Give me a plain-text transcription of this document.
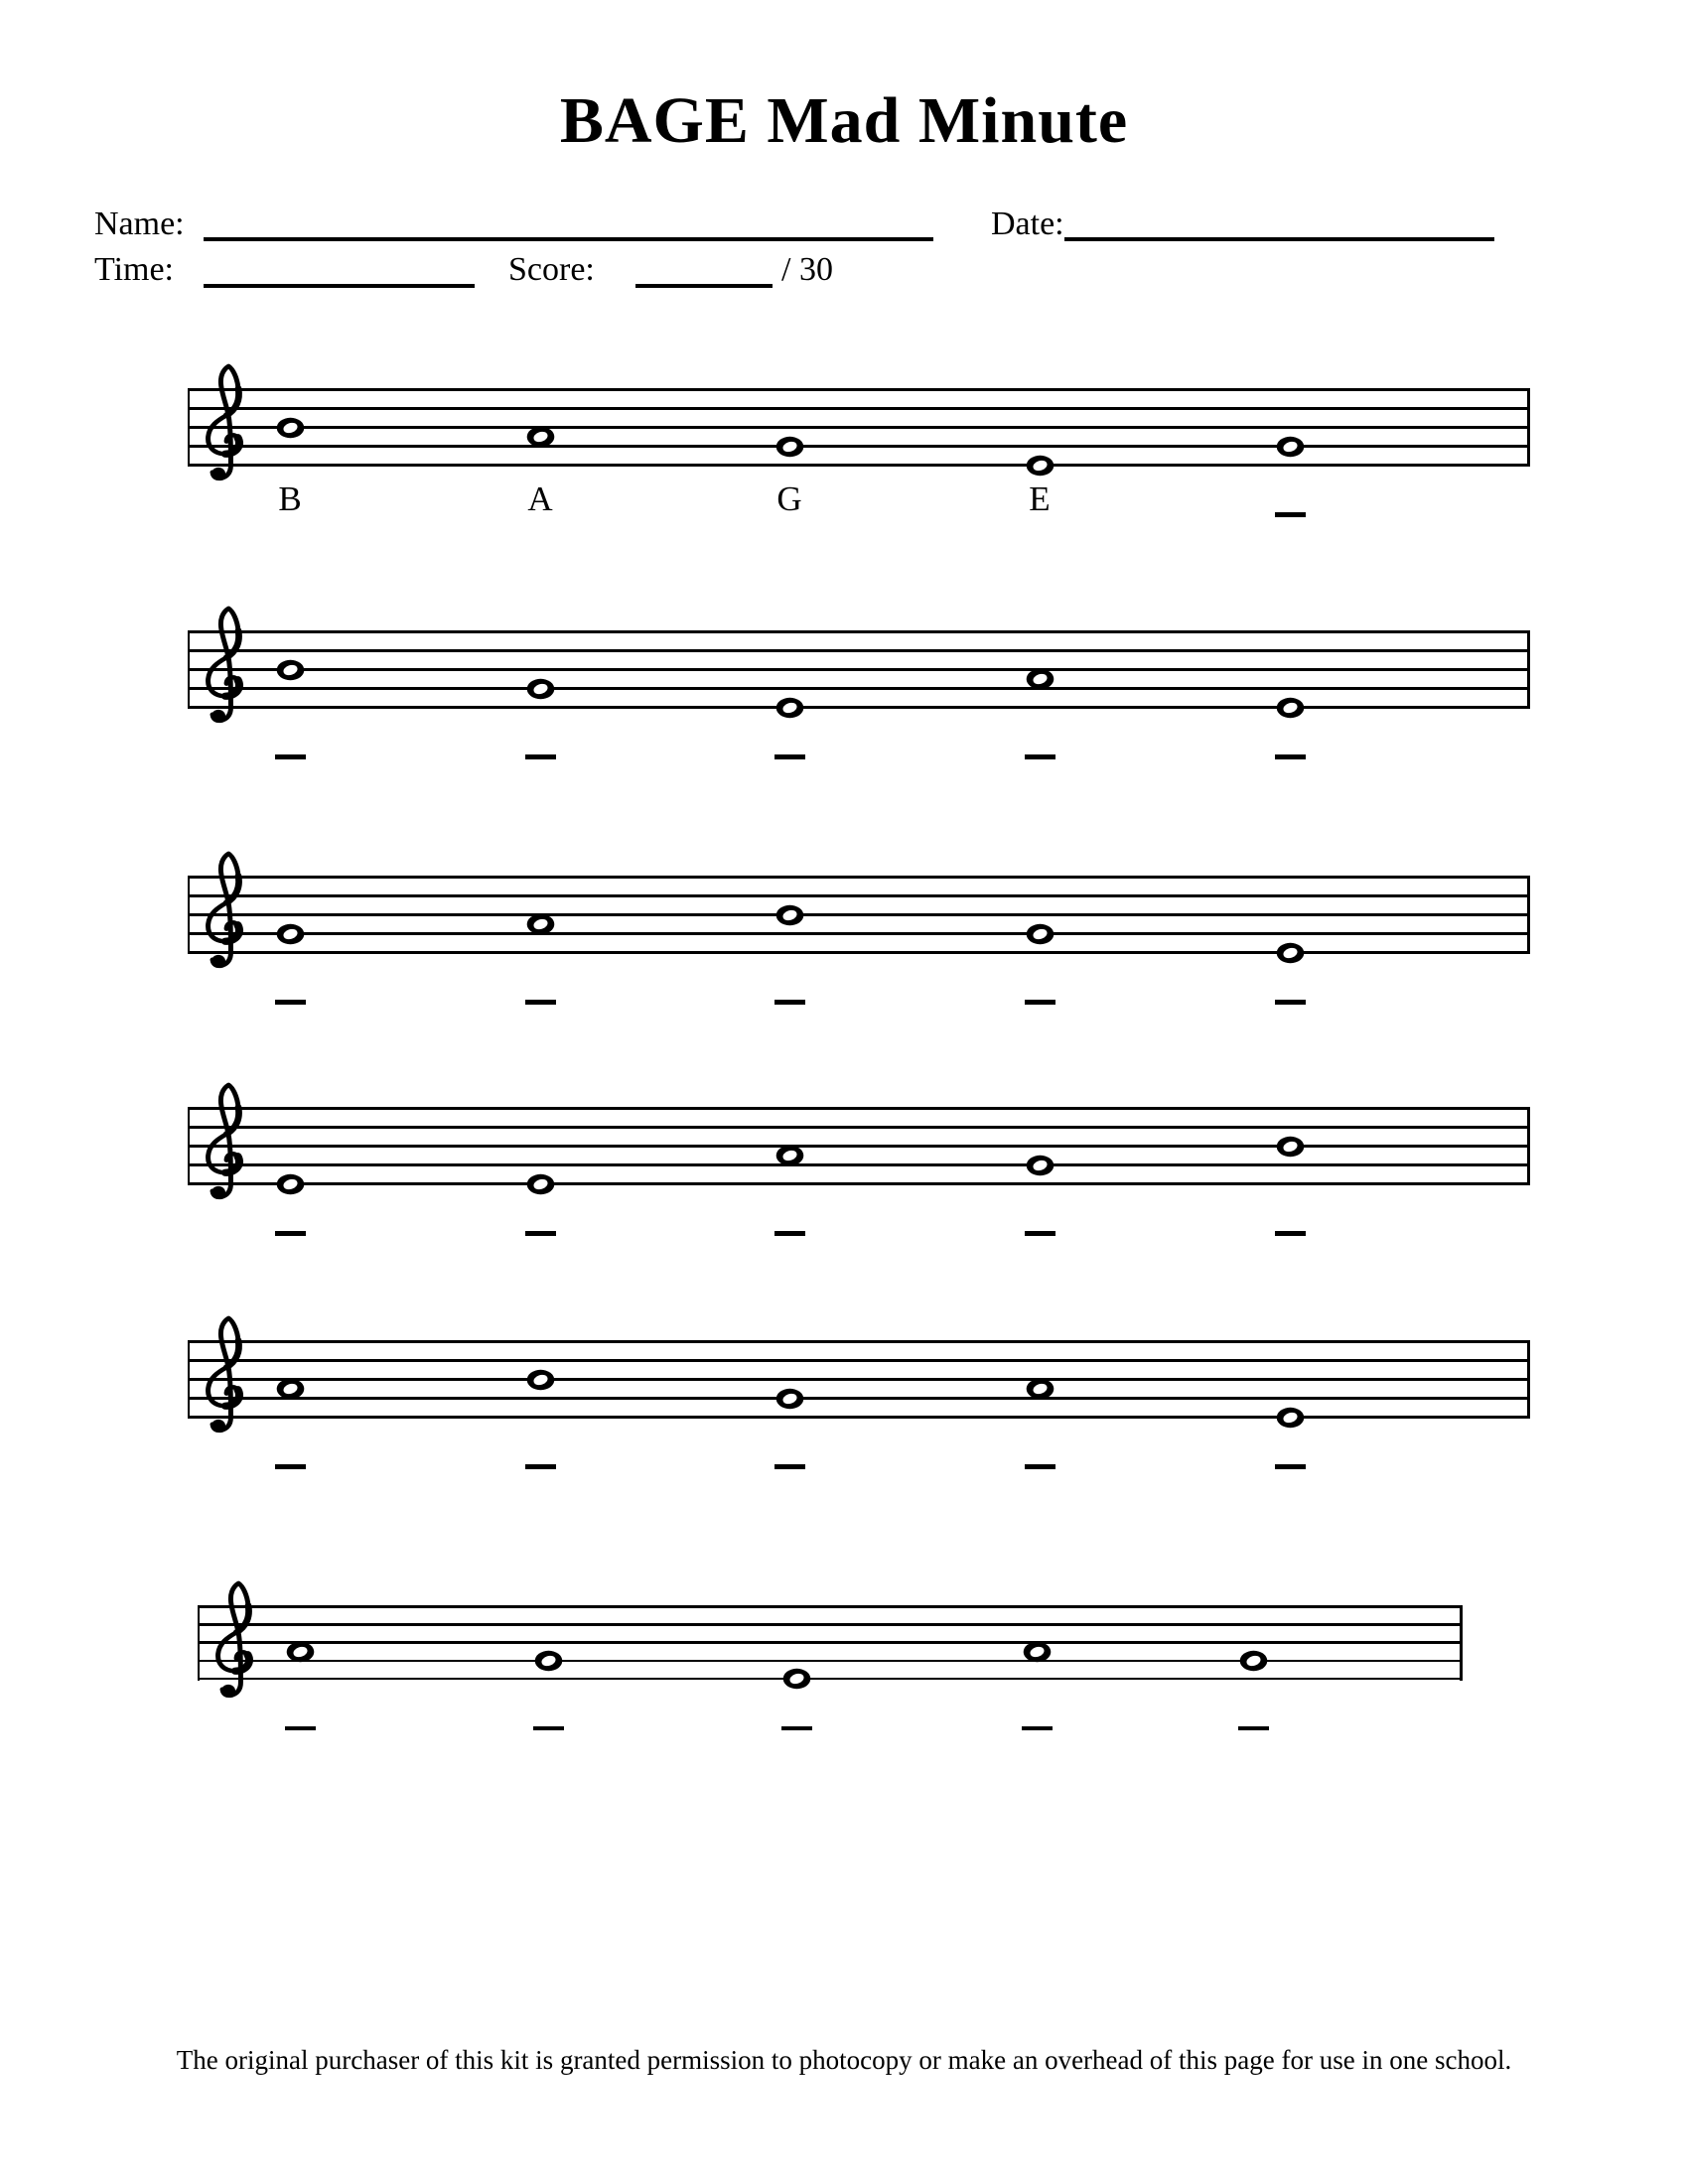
BAGE Mad Minute
Name:	Date:
Time:	Score:	/ 30
B	A	G	E

The original purchaser of this kit is granted permission to photocopy or make an overhead of this page for use in one school.
